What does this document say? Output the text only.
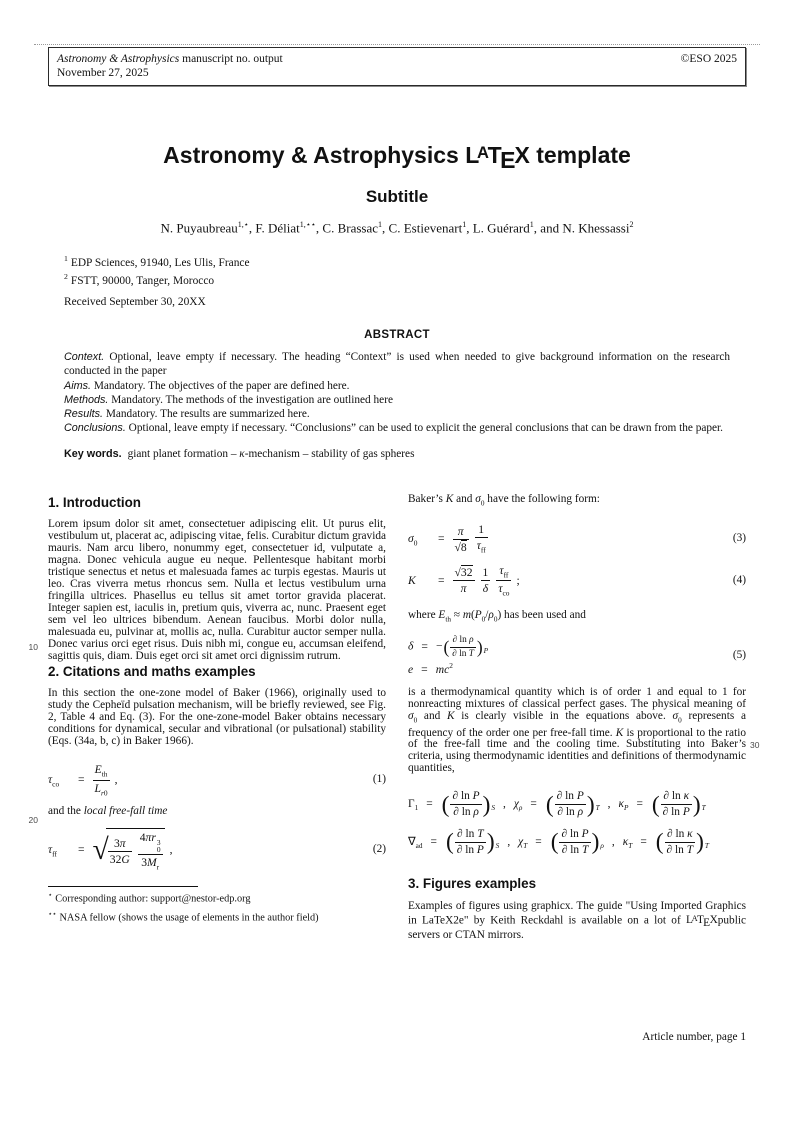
Astronomy & Astrophysics manuscript no. output
November 27, 2025
©ESO 2025
Astronomy & Astrophysics $L^ATEX$ template
Subtitle
N. Puyaubreau$^{1,⋆}$, F. Déliat$^{1,⋆⋆}$, C. Brassac$^1$, C. Estievenart$^1$, L. Guérard$^1$, and N. Khessassi$^2$
$^1$ EDP Sciences, 91940, Les Ulis, France
$^2$ FSTT, 90000, Tanger, Morocco
Received September 30, 20XX
ABSTRACT

Context. Optional, leave empty if necessary. The heading “Context” is used when needed to give background information on the research conducted in the paper

Aims. Mandatory. The objectives of the paper are defined here.

Methods. Mandatory. The methods of the investigation are outlined here

Results. Mandatory. The results are summarized here.

Conclusions. Optional, leave empty if necessary. “Conclusions” can be used to explicit the general conclusions that can be drawn from the paper.

Key words. giant planet formation – κ-mechanism – stability of gas spheres
1. Introduction

Lorem ipsum dolor sit amet, consectetuer adipiscing elit. Ut purus elit, vestibulum ut, placerat ac, adipiscing vitae, felis. Curabitur dictum gravida mauris. Nam arcu libero, nonummy eget, consectetuer id, vulputate a, magna. Donec vehicula augue eu neque. Pellentesque habitant morbi tristique senectus et netus et malesuada fames ac turpis egestas. Mauris ut leo. Cras viverra metus rhoncus sem. Nulla et lectus vestibulum urna fringilla ultrices. Phasellus eu tellus sit amet tortor gravida placerat. Integer sapien est, iaculis in, pretium quis, viverra ac, nunc. Praesent eget sem vel leo ultrices bibendum. Aenean faucibus. Morbi dolor nulla, malesuada eu, pulvinar at, mollis ac, nulla. Curabitur auctor semper nulla. Donec varius orci eget risus. Duis nibh mi, congue eu, accumsan eleifend, sagittis quis, diam. Duis eget orci sit amet orci dignissim rutrum.

2. Citations and maths examples

In this section the one-zone model of Baker (1966), originally used to study the Cepheïd pulsation mechanism, will be briefly reviewed, see Fig. 2, Table 4 and Eq. (3). For the one-zone-model Baker obtains necessary conditions for dynamical, secular and vibrational (or pulsational) stability (Eqs. (34a, b, c) in Baker 1966).

$\tau_{co} = \frac{E_{th}}{L_{r0}}$ ,	(1)

and the local free-fall time

$\tau_{ff}$ = √ $\frac{3\pi}{32G} 4\pi r$ 3
0
$3M_r$ ,	(2)
⋆ Corresponding author: support@nestor-edp.org
⋆⋆ NASA fellow (shows the usage of elements in the author field)

Baker’s K and $\sigma_0$ have the following form:

$\sigma_0 = \frac{\pi}{√8} \frac{1}{\tau_{ff}}$	(3)
$K = \frac{√32}{\pi} \frac{1}{\delta} \frac{\tau_{ff}}{\tau_{co}}$ ;	(4)

where $E_{th} \approx m(P_0/\rho_0)$ has been used and

δ = −( $\frac{\text{∂ ln ρ}}{\text{∂ ln T}} )_P$
$e = mc^2$
(5)

is a thermodynamical quantity which is of order 1 and equal to 1 for nonreacting mixtures of classical perfect gases. The physical meaning of $\sigma_0$ and K is clearly visible in the equations above. $\sigma_0$ represents a frequency of the order one per free-fall time. K is proportional to the ratio of the free-fall time and the cooling time. Substituting into Baker’s criteria, using thermodynamic identities and definitions of thermodynamic quantities,

$\Gamma_1$ = ( $\frac{\text{∂ ln P}}{\text{∂ ln ρ}} )_S$ , $\chi_\rho$ = ( $\frac{\text{∂ ln P}}{\text{∂ ln ρ}} )_T$ , $\kappa_P$ = ( $\frac{\text{∂ ln κ}}{\text{∂ ln P}} )_T$
$\nabla_{ad}$ = ( $\frac{\text{∂ ln T}}{\text{∂ ln P}} )_S$ , $\chi_T$ = ( $\frac{\text{∂ ln P}}{\text{∂ ln T}} )_\rho$ , $\kappa_T$ = ( $\frac{\text{∂ ln κ}}{\text{∂ ln T}} )_T$
3. Figures examples

Examples of figures using graphicx. The guide "Using Imported Graphics in LaTeX2e" by Keith Reckdahl is available on a lot of $L^ATEXpublic$ servers or CTAN mirrors.

Article number, page 1
10
20
30
